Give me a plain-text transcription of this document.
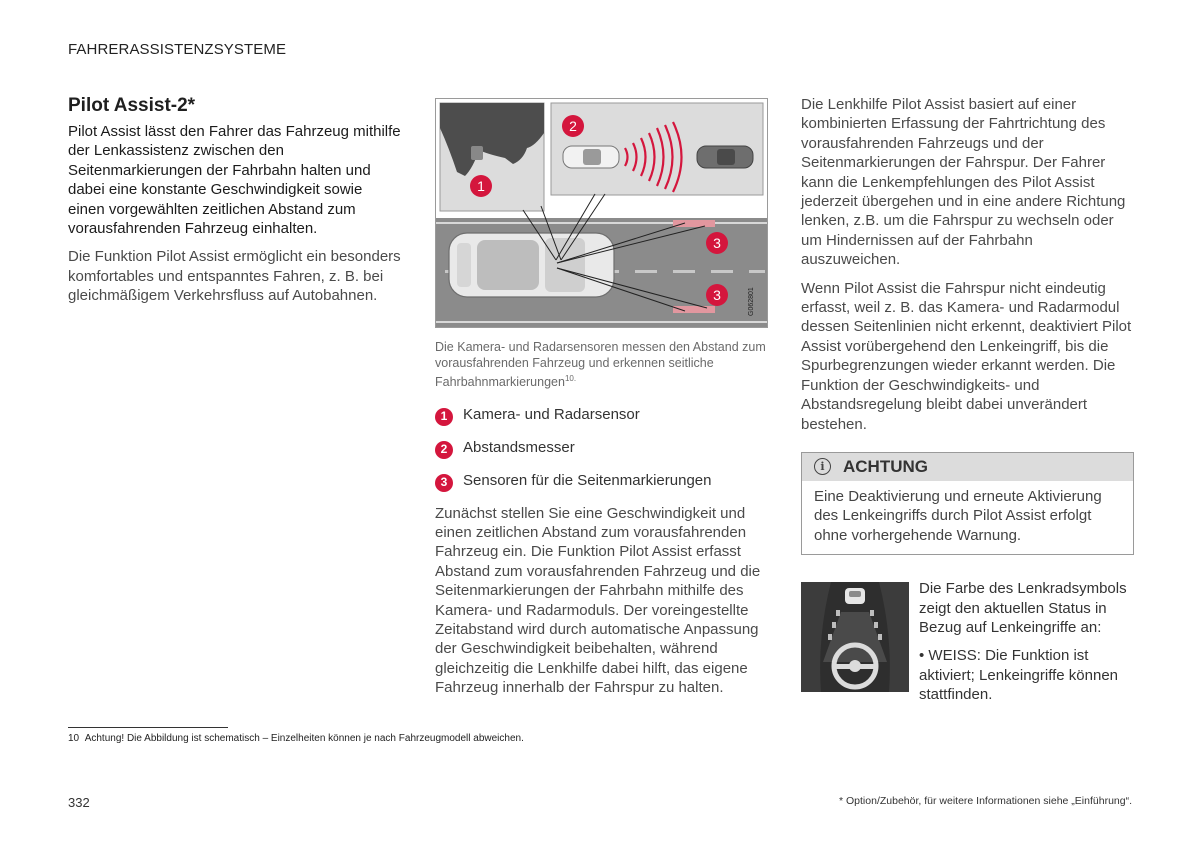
FAHRERASSISTENZSYSTEME
Pilot Assist-2*

Pilot Assist lässt den Fahrer das Fahrzeug mithilfe der Lenkassistenz zwischen den Seitenmarkierungen der Fahrbahn halten und dabei eine konstante Geschwindigkeit sowie einen vorgewählten zeitlichen Abstand zum vorausfahrenden Fahrzeug einhalten.

Die Funktion Pilot Assist ermöglicht ein besonders komfortables und entspanntes Fahren, z. B. bei gleichmäßigem Verkehrsfluss auf Autobahnen.

1
2
3
3	G062801
Die Kamera- und Radarsensoren messen den Abstand zum vorausfahrenden Fahrzeug und erkennen seitliche Fahrbahnmarkierungen$^{10.}$
1	Kamera- und Radarsensor
2	Abstandsmesser
3	Sensoren für die Seitenmarkierungen

Zunächst stellen Sie eine Geschwindigkeit und einen zeitlichen Abstand zum vorausfahrenden Fahrzeug ein. Die Funktion Pilot Assist erfasst Abstand zum vorausfahrenden Fahrzeug und die Seitenmarkierungen der Fahrbahn mithilfe des Kamera- und Radarmoduls. Der voreingestellte Zeitabstand wird durch automatische Anpassung der Geschwindigkeit beibehalten, während gleichzeitig die Lenkhilfe dabei hilft, das eigene Fahrzeug innerhalb der Fahrspur zu halten.

Die Lenkhilfe Pilot Assist basiert auf einer kombinierten Erfassung der Fahrtrichtung des vorausfahrenden Fahrzeugs und der Seitenmarkierungen der Fahrspur. Der Fahrer kann die Lenkempfehlungen des Pilot Assist jederzeit übergehen und in eine andere Richtung lenken, z.B. um die Fahrspur zu wechseln oder um Hindernissen auf der Fahrbahn auszuweichen.

Wenn Pilot Assist die Fahrspur nicht eindeutig erfasst, weil z. B. das Kamera- und Radarmodul dessen Seitenlinien nicht erkennt, deaktiviert Pilot Assist vorübergehend den Lenkeingriff, bis die Spurbegrenzungen wieder erkannt werden. Die Funktion der Geschwindigkeits- und Abstandsregelung bleibt dabei unverändert bestehen.

i	ACHTUNG
Eine Deaktivierung und erneute Aktivierung des Lenkeingriffs durch Pilot Assist erfolgt ohne vorhergehende Warnung.

Die Farbe des Lenkradsymbols zeigt den aktuellen Status in Bezug auf Lenkeingriffe an:

• WEISS: Die Funktion ist aktiviert; Lenkeingriffe können stattfinden.

10 Achtung! Die Abbildung ist schematisch – Einzelheiten können je nach Fahrzeugmodell abweichen.
332	* Option/Zubehör, für weitere Informationen siehe „Einführung“.
